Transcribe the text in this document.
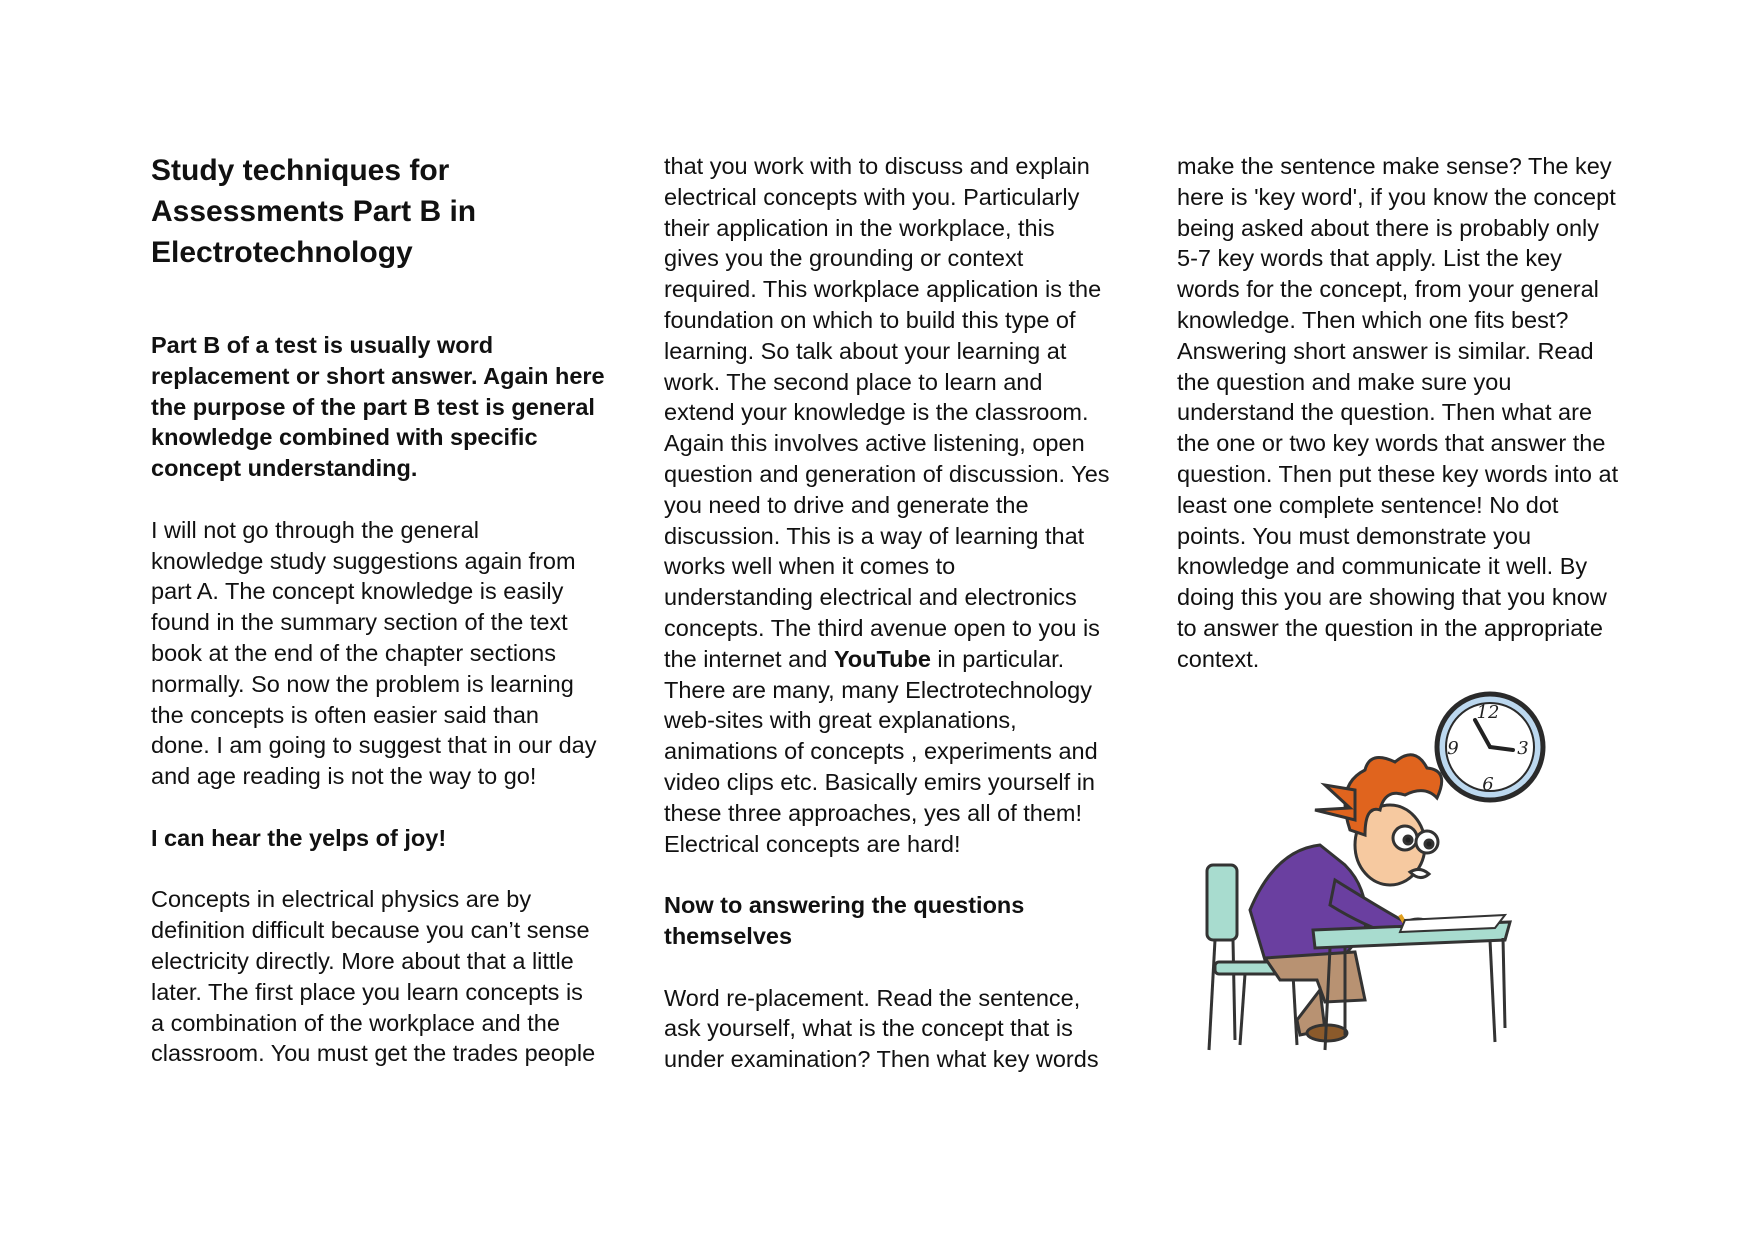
Study techniques for

Assessments Part B in

Electrotechnology

Part B of a test is usually word

replacement or short answer. Again here

the purpose of the part B test is general

knowledge combined with specific

concept understanding.

I will not go through the general

knowledge study suggestions again from

part A. The concept knowledge is easily

found in the summary section of the text

book at the end of the chapter sections

normally. So now the problem is learning

the concepts is often easier said than

done. I am going to suggest that in our day

and age reading is not the way to go!

I can hear the yelps of joy!

Concepts in electrical physics are by

definition difficult because you can’t sense

electricity directly. More about that a little

later. The first place you learn concepts is

a combination of the workplace and the

classroom. You must get the trades people

that you work with to discuss and explain

electrical concepts with you. Particularly

their application in the workplace, this

gives you the grounding or context

required. This workplace application is the

foundation on which to build this type of

learning. So talk about your learning at

work. The second place to learn and

extend your knowledge is the classroom.

Again this involves active listening, open

question and generation of discussion. Yes

you need to drive and generate the

discussion. This is a way of learning that

works well when it comes to

understanding electrical and electronics

concepts. The third avenue open to you is

the internet and YouTube in particular.

There are many, many Electrotechnology

web-sites with great explanations,

animations of concepts , experiments and

video clips etc. Basically emirs yourself in

these three approaches, yes all of them!

Electrical concepts are hard!

Now to answering the questions

themselves

Word re-placement. Read the sentence,

ask yourself, what is the concept that is

under examination? Then what key words

make the sentence make sense? The key

here is 'key word', if you know the concept

being asked about there is probably only

5-7 key words that apply. List the key

words for the concept, from your general

knowledge. Then which one fits best?

Answering short answer is similar. Read

the question and make sure you

understand the question. Then what are

the one or two key words that answer the

question. Then put these key words into at

least one complete sentence! No dot

points. You must demonstrate you

knowledge and communicate it well. By

doing this you are showing that you know

to answer the question in the appropriate

context.

12
3
6
9
